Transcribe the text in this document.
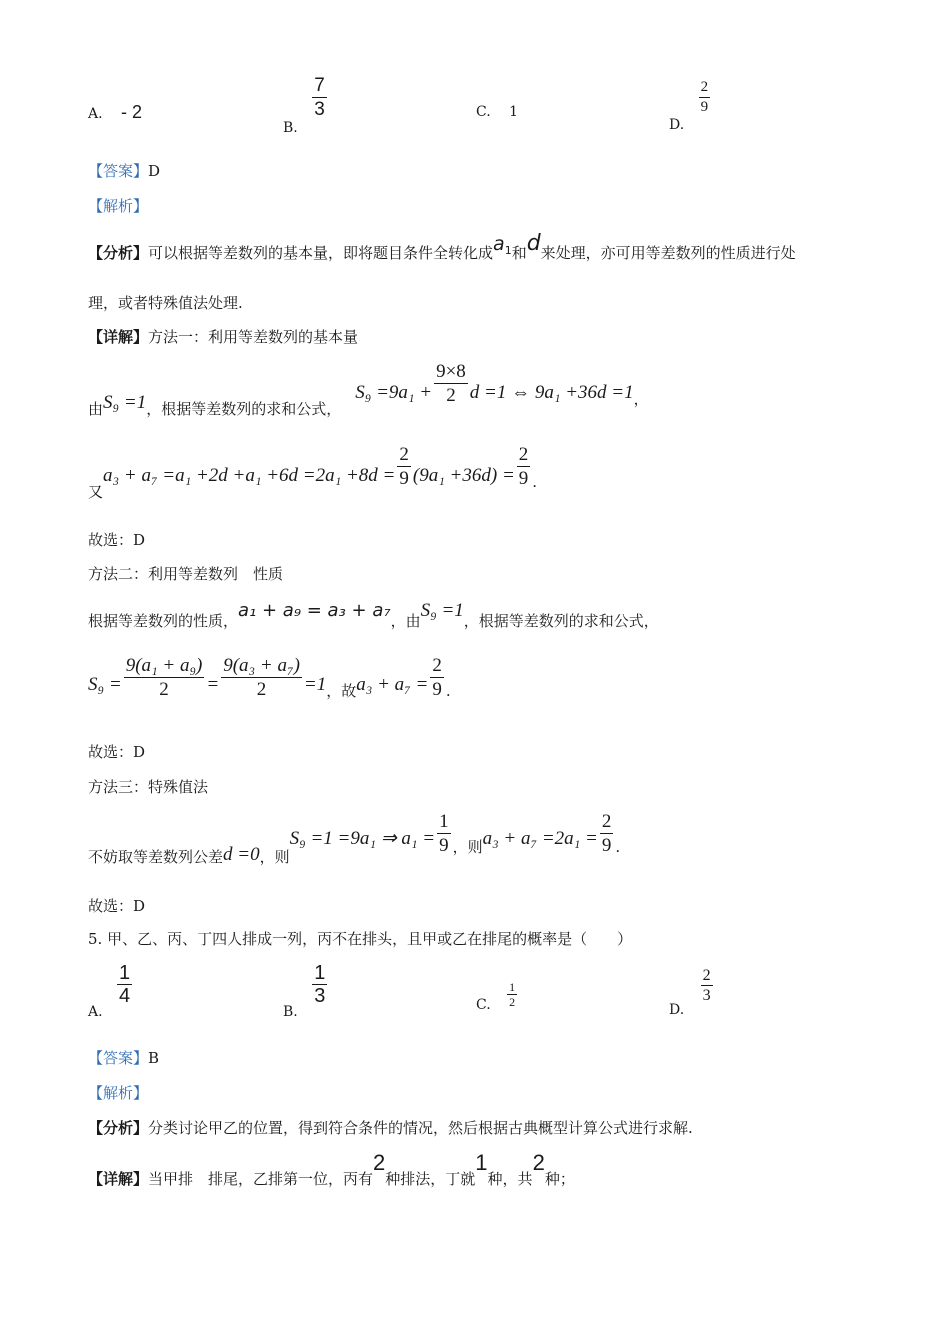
A. - 2
B.
$\frac{7}{3}$	C. 1
D.
$\frac{2}{9}$
【答案】D
【解析】
【分析】可以根据等差数列的基本量，即将题目条件全转化成$a_1$和d来处理，亦可用等差数列的性质进行处
理，或者特殊值法处理.
【详解】方法一：利用等差数列的基本量
由S₉ =1，根据等差数列的求和公式，$S_9 =9a_1 + \frac{9\times 8}{2}$ d =1 ⇔ 9a₁ +36d =1，
又$a_3 + a_7 =a_1 +2d +a_1 +6d =2a_1 +8d = \frac{2}{9} (9a_1 +36d) = \frac{2}{9}$ .
故选：D
方法二：利用等差数列　性质
根据等差数列的性质，a₁ + a₉ = a₃ + a₇，由S₉ =1，根据等差数列的求和公式，
$S_9 = \frac{\text{9(a₁ + a₉)}}{2} = \frac{\text{9(a₃ + a₇)}}{2} =1$，故$a_3 + a_7 = \frac{2}{9}$ .
故选：D
方法三：特殊值法
不妨取等差数列公差d =0，则S₉ =1 =9a₁ ⇒ $a_1 = \frac{1}{9}$ ，则$a_3 + a_7 =2a_1 = \frac{2}{9}$ .
故选：D
5. 甲、乙、丙、丁四人排成一列，丙不在排头，且甲或乙在排尾的概率是（　　）
A.
$\frac{1}{4}$
B.
$\frac{1}{3}$	C. $\frac{1}{2}$
D.
$\frac{2}{3}$
【答案】B
【解析】
【分析】分类讨论甲乙的位置，得到符合条件的情况，然后根据古典概型计算公式进行求解.
【详解】当甲排　排尾，乙排第一位，丙有2种排法，丁就1种，共2种；
